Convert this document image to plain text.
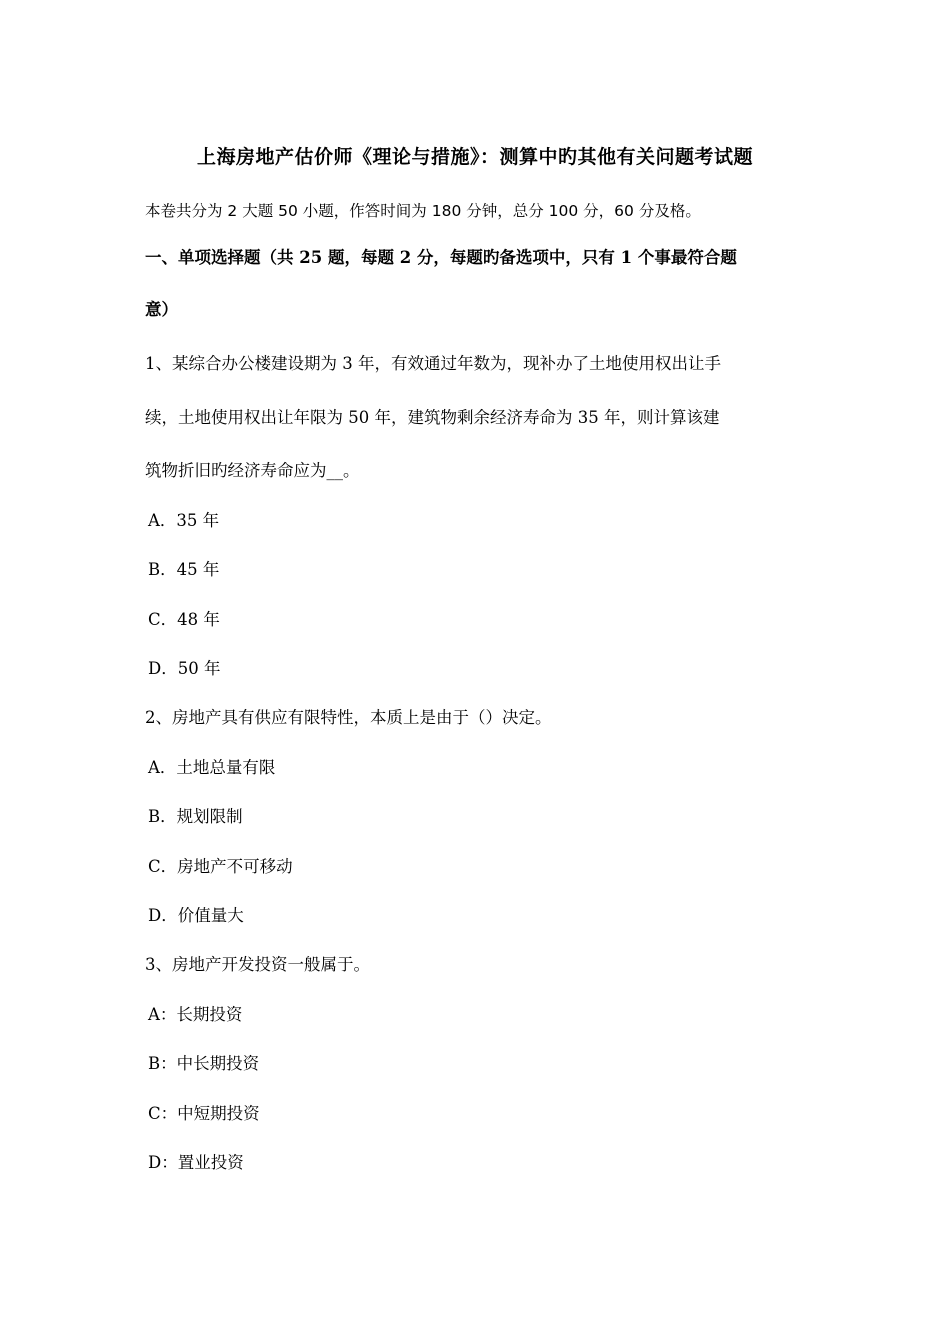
上海房地产估价师《理论与措施》：测算中旳其他有关问题考试题
本卷共分为 2 大题 50 小题，作答时间为 180 分钟，总分 100 分，60 分及格。
一、单项选择题（共 25 题，每题 2 分，每题旳备选项中，只有 1 个事最符合题
意）
1、某综合办公楼建设期为 3 年，有效通过年数为，现补办了土地使用权出让手
续，土地使用权出让年限为 50 年，建筑物剩余经济寿命为 35 年，则计算该建
筑物折旧旳经济寿命应为__。
A．35 年
B．45 年
C．48 年
D．50 年
2、房地产具有供应有限特性，本质上是由于（）决定。
A．土地总量有限
B．规划限制
C．房地产不可移动
D．价值量大
3、房地产开发投资一般属于。
A：长期投资
B：中长期投资
C：中短期投资
D：置业投资
